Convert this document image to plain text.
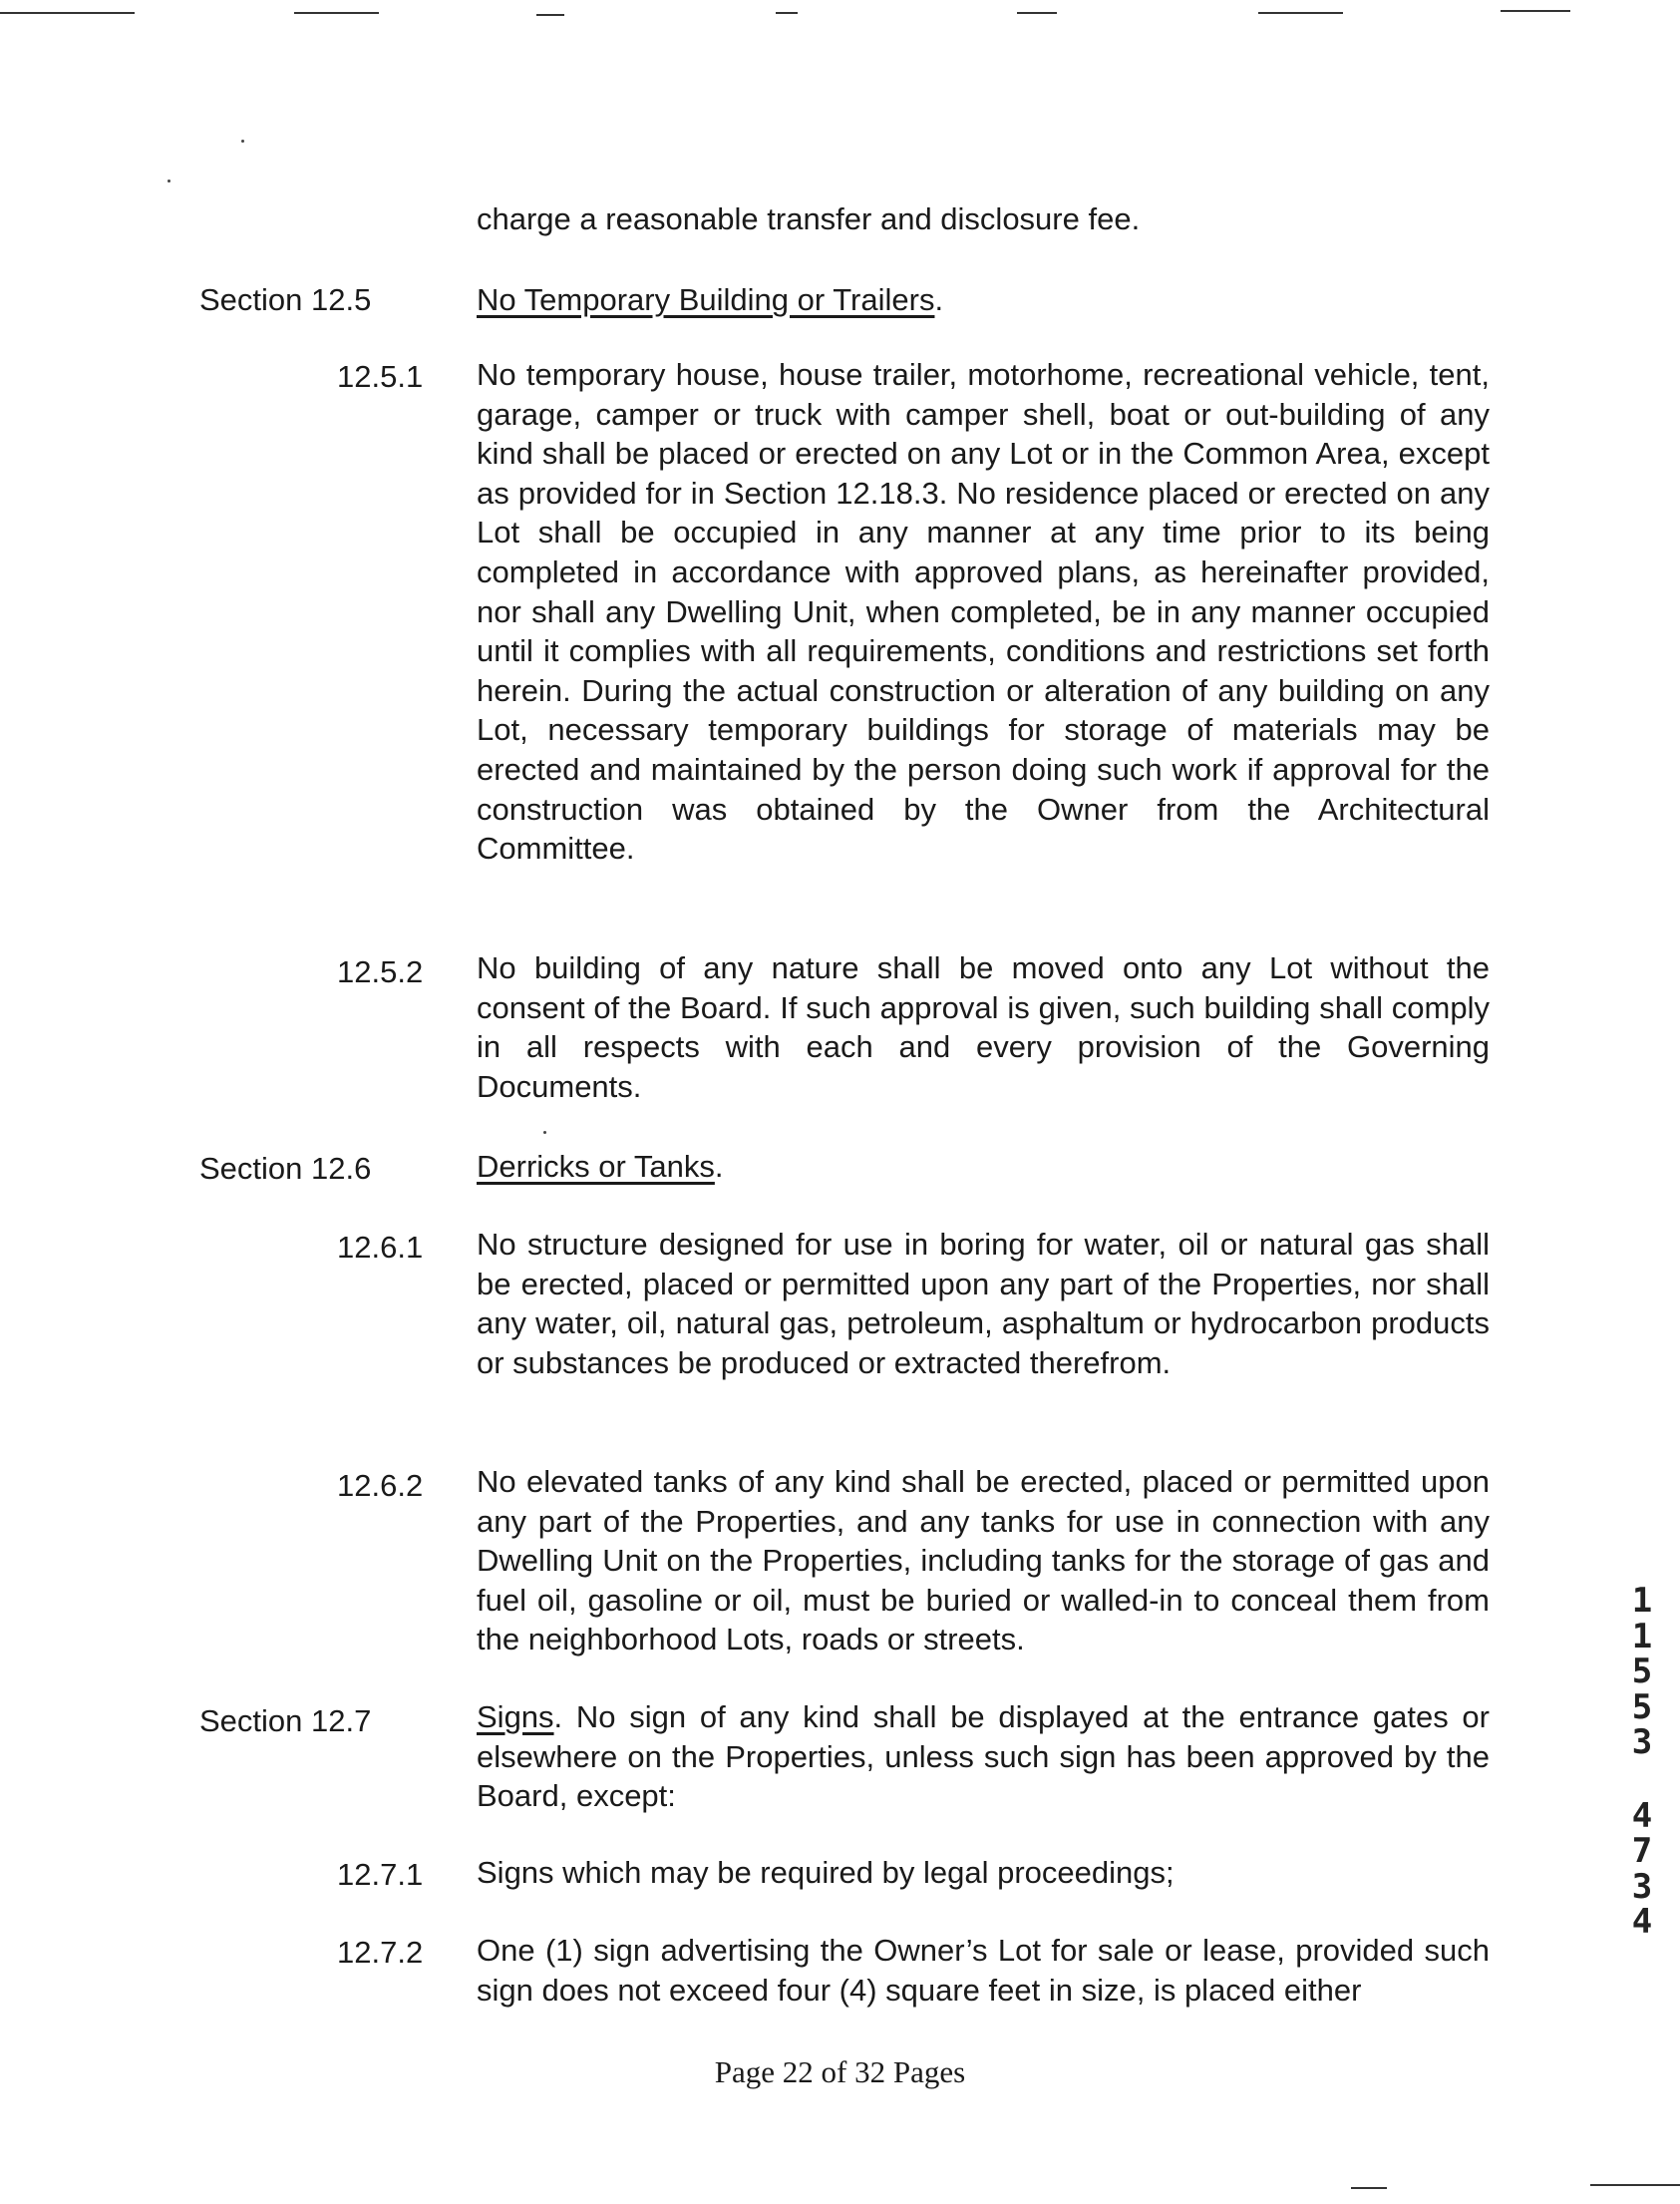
charge a reasonable transfer and disclosure fee.
Section 12.5	No Temporary Building or Trailers.
12.5.1 No temporary house, house trailer, motorhome, recreational vehicle, tent, garage, camper or truck with camper shell, boat or out-building of any kind shall be placed or erected on any Lot or in the Common Area, except as provided for in Section 12.18.3. No residence placed or erected on any Lot shall be occupied in any manner at any time prior to its being completed in accordance with approved plans, as hereinafter provided, nor shall any Dwelling Unit, when completed, be in any manner occupied until it complies with all requirements, conditions and restrictions set forth herein. During the actual construction or alteration of any building on any Lot, necessary temporary buildings for storage of materials may be erected and maintained by the person doing such work if approval for the construction was obtained by the Owner from the Architectural Committee.
12.5.2 No building of any nature shall be moved onto any Lot without the consent of the Board. If such approval is given, such building shall comply in all respects with each and every provision of the Governing Documents.
Section 12.6	Derricks or Tanks.
12.6.1 No structure designed for use in boring for water, oil or natural gas shall be erected, placed or permitted upon any part of the Properties, nor shall any water, oil, natural gas, petroleum, asphaltum or hydrocarbon products or substances be produced or extracted therefrom.
12.6.2 No elevated tanks of any kind shall be erected, placed or permitted upon any part of the Properties, and any tanks for use in connection with any Dwelling Unit on the Properties, including tanks for the storage of gas and fuel oil, gasoline or oil, must be buried or walled-in to conceal them from the neighborhood Lots, roads or streets.
Section 12.7	Signs. No sign of any kind shall be displayed at the entrance gates or elsewhere on the Properties, unless such sign has been approved by the Board, except:
12.7.1 Signs which may be required by legal proceedings;
12.7.2 One (1) sign advertising the Owner’s Lot for sale or lease, provided such sign does not exceed four (4) square feet in size, is placed either
Page 22 of 32 Pages
1
1
5
5
3
4
7
3
4
